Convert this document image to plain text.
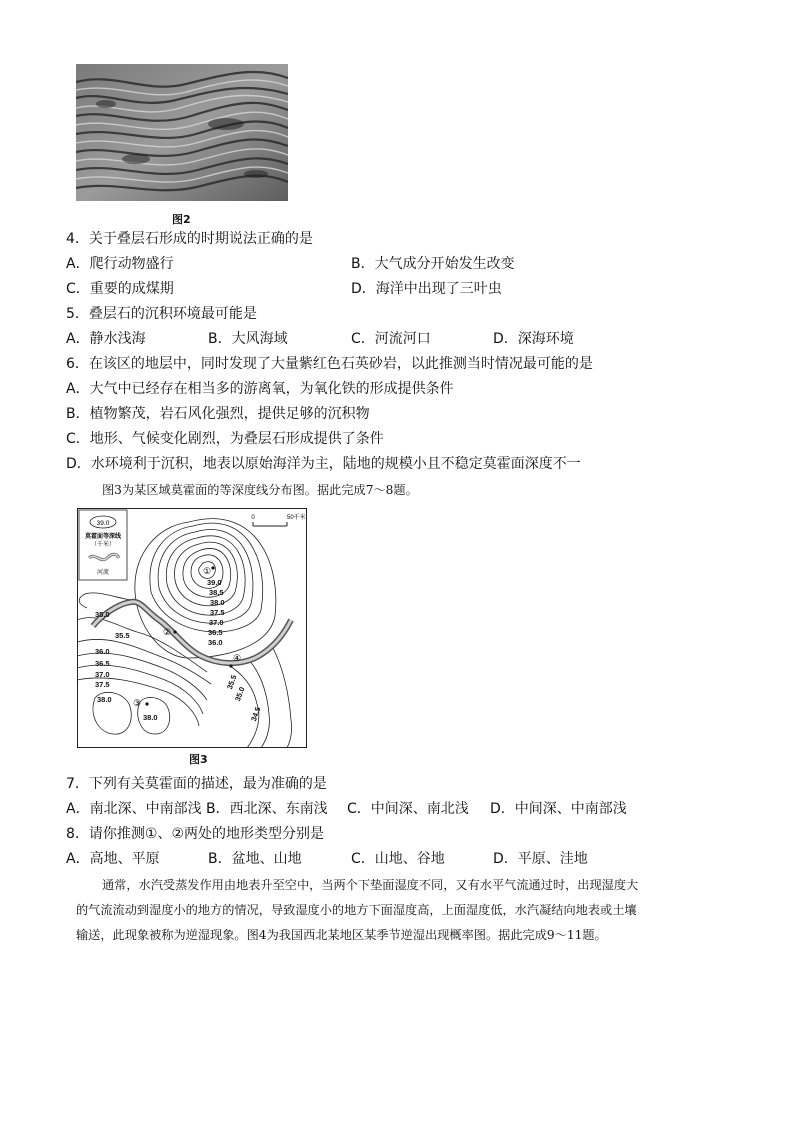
图2
4．关于叠层石形成的时期说法正确的是
A．爬行动物盛行	B．大气成分开始发生改变
C．重要的成煤期	D．海洋中出现了三叶虫
5．叠层石的沉积环境最可能是
A．静水浅海	B．大风海域	C．河流河口	D．深海环境
6．在该区的地层中，同时发现了大量紫红色石英砂岩，以此推测当时情况最可能的是
A．大气中已经存在相当多的游离氧，为氧化铁的形成提供条件
B．植物繁茂，岩石风化强烈，提供足够的沉积物
C．地形、气候变化剧烈，为叠层石形成提供了条件
D．水环境利于沉积，地表以原始海洋为主，陆地的规模小且不稳定莫霍面深度不一
图3为某区域莫霍面的等深度线分布图。据此完成7～8题。
39.0
莫霍面等深线
（千米）
河流
0	50千米
①
②
③
④
39.0
38.5
38.0
37.5
37.0
36.5
36.0
35.0
35.5
36.0
36.5
37.0
37.5
38.0
38.0
35.5
35.0
34.5
图3
7．下列有关莫霍面的描述，最为准确的是
A．南北深、中南部浅 B．西北深、东南浅 C．中间深、南北浅 D．中间深、中南部浅
8．请你推测①、②两处的地形类型分别是
A．高地、平原	B．盆地、山地	C．山地、谷地	D．平原、洼地
通常，水汽受蒸发作用由地表升至空中，当两个下垫面湿度不同，又有水平气流通过时，出现湿度大
的气流流动到湿度小的地方的情况，导致湿度小的地方下面湿度高，上面湿度低，水汽凝结向地表或土壤
输送，此现象被称为逆湿现象。图4为我国西北某地区某季节逆湿出现概率图。据此完成9～11题。
